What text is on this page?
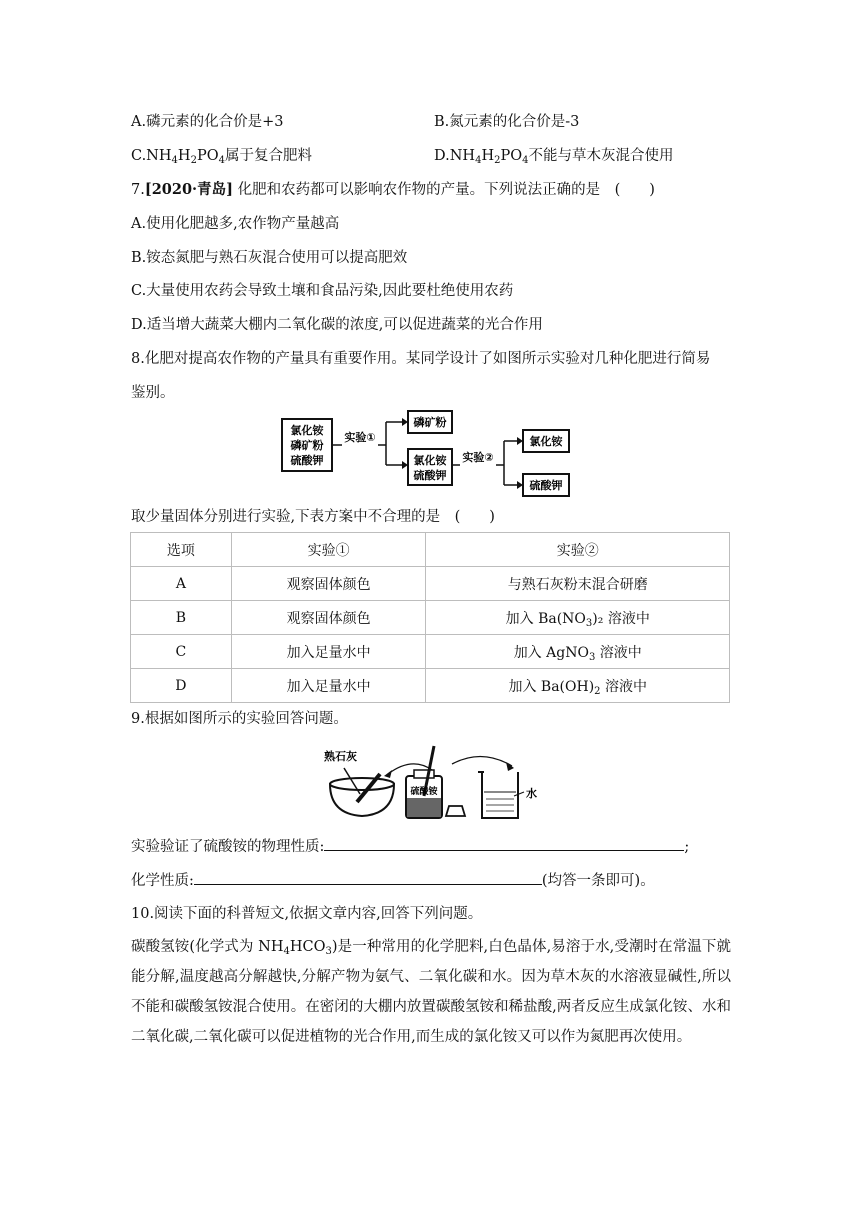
A.磷元素的化合价是+3	B.氮元素的化合价是-3
$C.NH_4H_2PO_4$属于复合肥料	$D.NH_4H_2PO_4$不能与草木灰混合使用
7.[2020·青岛] 化肥和农药都可以影响农作物的产量。下列说法正确的是　(　　)
A.使用化肥越多,农作物产量越高
B.铵态氮肥与熟石灰混合使用可以提高肥效
C.大量使用农药会导致土壤和食品污染,因此要杜绝使用农药
D.适当增大蔬菜大棚内二氧化碳的浓度,可以促进蔬菜的光合作用
8.化肥对提高农作物的产量具有重要作用。某同学设计了如图所示实验对几种化肥进行简易
鉴别。
氯化铵
磷矿粉
硫酸钾
实验①
磷矿粉
氯化铵
硫酸钾
实验②
氯化铵
硫酸钾
取少量固体分别进行实验,下表方案中不合理的是　(　　)
选项	实验①	实验②
A	观察固体颜色	与熟石灰粉末混合研磨
B	观察固体颜色	加入 $Ba(NO_3)_2$ 溶液中
C	加入足量水中	加入 AgNO$_3$ 溶液中
D	加入足量水中	加入 $Ba(OH)_2$ 溶液中
9.根据如图所示的实验回答问题。
熟石灰
硫酸铵	水
实验验证了硫酸铵的物理性质:	;
化学性质:	(均答一条即可)。
10.阅读下面的科普短文,依据文章内容,回答下列问题。
碳酸氢铵(化学式为 $NH_4HCO_3$)是一种常用的化学肥料,白色晶体,易溶于水,受潮时在常温下就能分解,温度越高分解越快,分解产物为氨气、二氧化碳和水。因为草木灰的水溶液显碱性,所以不能和碳酸氢铵混合使用。在密闭的大棚内放置碳酸氢铵和稀盐酸,两者反应生成氯化铵、水和二氧化碳,二氧化碳可以促进植物的光合作用,而生成的氯化铵又可以作为氮肥再次使用。
